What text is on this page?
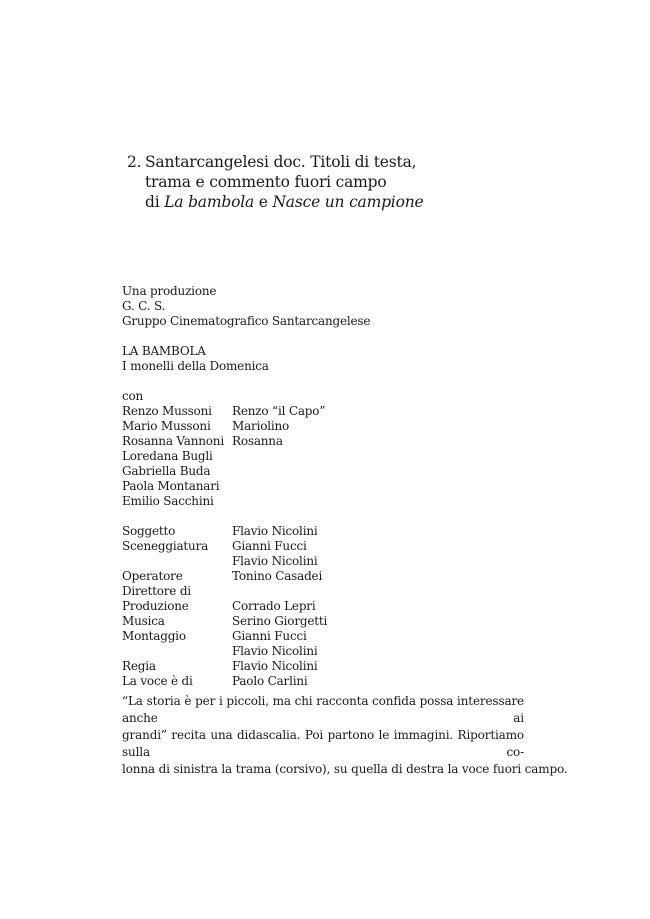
2. Santarcangelesi doc. Titoli di testa,
trama e commento fuori campo
di La bambola e Nasce un campione
Una produzione
G. C. S.
Gruppo Cinematografico Santarcangelese
LA BAMBOLA
I monelli della Domenica
con
Renzo Mussoni	Renzo “il Capo”
Mario Mussoni	Mariolino
Rosanna Vannoni	Rosanna
Loredana Bugli	
Gabriella Buda	
Paola Montanari	
Emilio Sacchini	
Soggetto	Flavio Nicolini
Sceneggiatura	Gianni Fucci
	Flavio Nicolini
Operatore	Tonino Casadei
Direttore di	
Produzione	Corrado Lepri
Musica	Serino Giorgetti
Montaggio	Gianni Fucci
	Flavio Nicolini
Regia	Flavio Nicolini
La voce è di	Paolo Carlini
“La storia è per i piccoli, ma chi racconta confida possa interessare anche ai
grandi” recita una didascalia. Poi partono le immagini. Riportiamo sulla co-
lonna di sinistra la trama (corsivo), su quella di destra la voce fuori campo.
